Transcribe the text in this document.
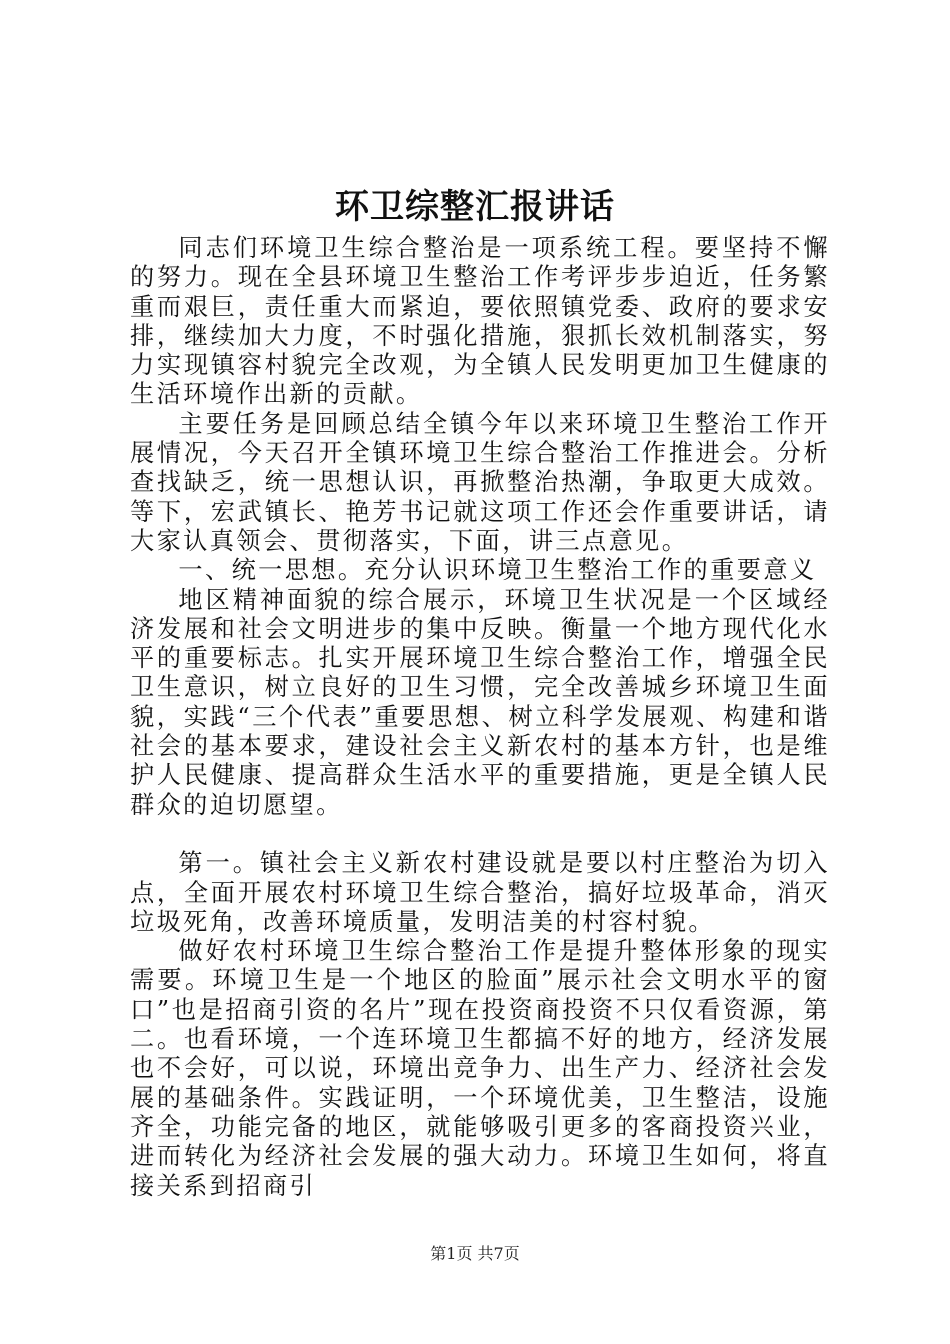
环卫综整汇报讲话

同志们环境卫生综合整治是一项系统工程。要坚持不懈的努力。现在全县环境卫生整治工作考评步步迫近，任务繁重而艰巨，责任重大而紧迫，要依照镇党委、政府的要求安排，继续加大力度，不时强化措施，狠抓长效机制落实，努力实现镇容村貌完全改观，为全镇人民发明更加卫生健康的生活环境作出新的贡献。

主要任务是回顾总结全镇今年以来环境卫生整治工作开展情况，今天召开全镇环境卫生综合整治工作推进会。分析查找缺乏，统一思想认识，再掀整治热潮，争取更大成效。等下，宏武镇长、艳芳书记就这项工作还会作重要讲话，请大家认真领会、贯彻落实，下面，讲三点意见。

一、统一思想。充分认识环境卫生整治工作的重要意义

地区精神面貌的综合展示，环境卫生状况是一个区域经济发展和社会文明进步的集中反映。衡量一个地方现代化水平的重要标志。扎实开展环境卫生综合整治工作，增强全民卫生意识，树立良好的卫生习惯，完全改善城乡环境卫生面貌，实践“三个代表”重要思想、树立科学发展观、构建和谐社会的基本要求，建设社会主义新农村的基本方针，也是维护人民健康、提高群众生活水平的重要措施，更是全镇人民群众的迫切愿望。

第一。镇社会主义新农村建设就是要以村庄整治为切入点，全面开展农村环境卫生综合整治，搞好垃圾革命，消灭垃圾死角，改善环境质量，发明洁美的村容村貌。

做好农村环境卫生综合整治工作是提升整体形象的现实需要。环境卫生是一个地区的脸面”展示社会文明水平的窗口”也是招商引资的名片”现在投资商投资不只仅看资源，第二。也看环境，一个连环境卫生都搞不好的地方，经济发展也不会好，可以说，环境出竞争力、出生产力、经济社会发展的基础条件。实践证明，一个环境优美，卫生整洁，设施齐全，功能完备的地区，就能够吸引更多的客商投资兴业，进而转化为经济社会发展的强大动力。环境卫生如何，将直接关系到招商引

第1页 共7页
